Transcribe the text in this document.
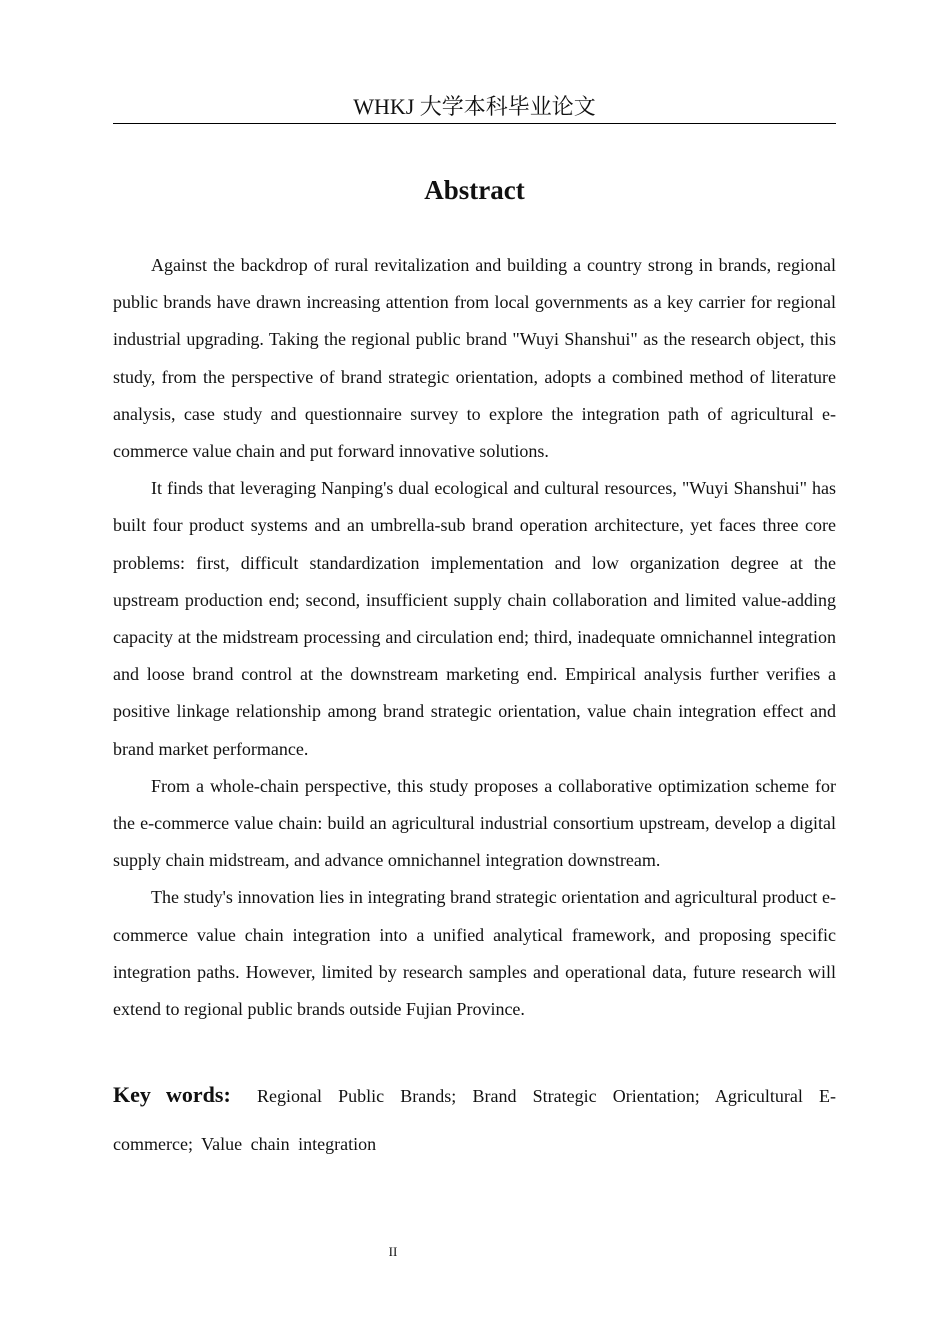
WHKJ 大学本科毕业论文
Abstract

Against the backdrop of rural revitalization and building a country strong in brands, regional public brands have drawn increasing attention from local governments as a key carrier for regional industrial upgrading. Taking the regional public brand "Wuyi Shanshui" as the research object, this study, from the perspective of brand strategic orientation, adopts a combined method of literature analysis, case study and questionnaire survey to explore the integration path of agricultural e-commerce value chain and put forward innovative solutions.

It finds that leveraging Nanping's dual ecological and cultural resources, "Wuyi Shanshui" has built four product systems and an umbrella-sub brand operation architecture, yet faces three core problems: first, difficult standardization implementation and low organization degree at the upstream production end; second, insufficient supply chain collaboration and limited value-adding capacity at the midstream processing and circulation end; third, inadequate omnichannel integration and loose brand control at the downstream marketing end. Empirical analysis further verifies a positive linkage relationship among brand strategic orientation, value chain integration effect and brand market performance.

From a whole-chain perspective, this study proposes a collaborative optimization scheme for the e-commerce value chain: build an agricultural industrial consortium upstream, develop a digital supply chain midstream, and advance omnichannel integration downstream.

The study's innovation lies in integrating brand strategic orientation and agricultural product e-commerce value chain integration into a unified analytical framework, and proposing specific integration paths. However, limited by research samples and operational data, future research will extend to regional public brands outside Fujian Province.

Key words: Regional Public Brands; Brand Strategic Orientation; Agricultural E-commerce; Value chain integration
II
